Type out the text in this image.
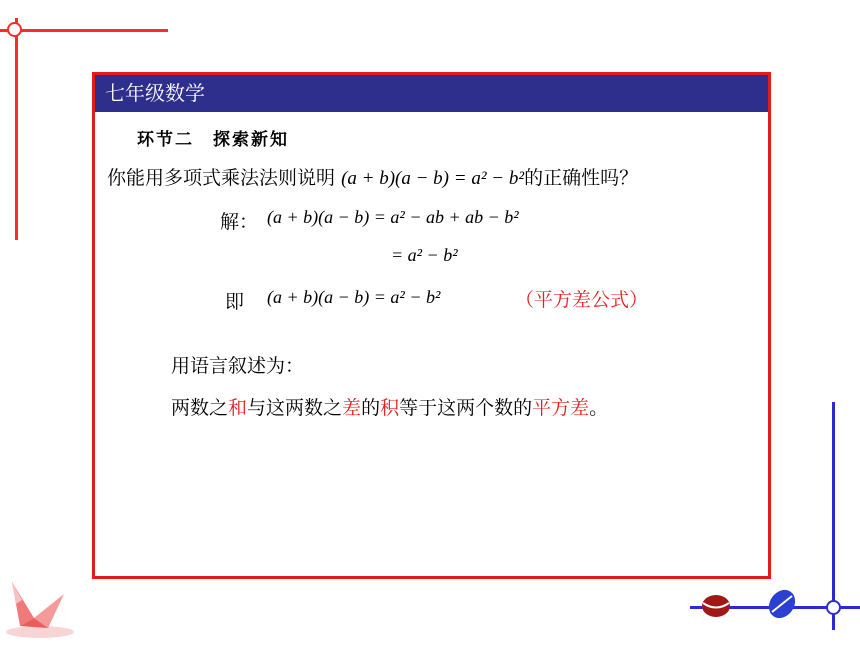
七年级数学
环节二　探索新知
你能用多项式乘法法则说明 (a + b)(a − b) = a² − b²的正确性吗？
解： (a + b)(a − b) = a² − ab + ab − b²
= a² − b²
即 (a + b)(a − b) = a² − b²	（平方差公式）
用语言叙述为：
两数之和与这两数之差的积等于这两个数的平方差。
